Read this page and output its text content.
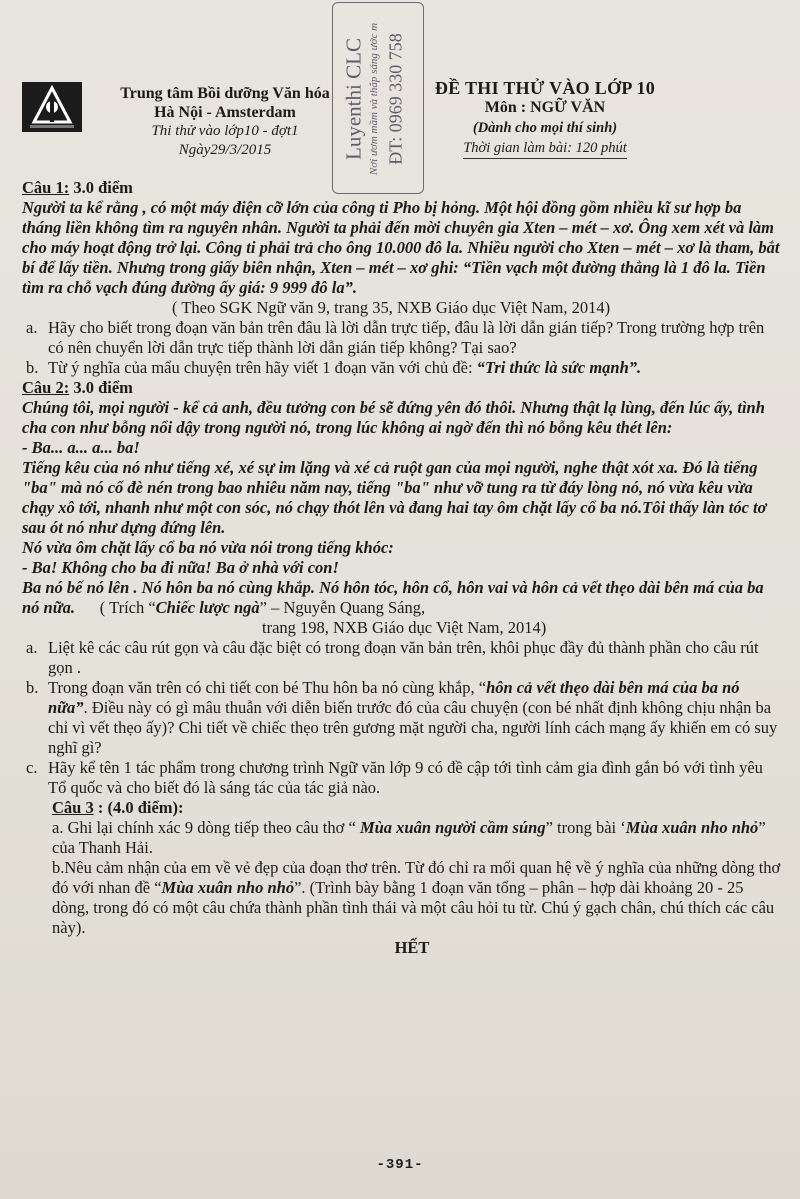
Trung tâm Bồi dưỡng Văn hóa
Hà Nội - Amsterdam
Thi thử vào lớp10 - đợt1
Ngày29/3/2015	Luyenthi CLC Nơi ươm mầm và thắp sáng ước m ĐT: 0969 330 758 ĐỀ THI THỬ VÀO LỚP 10
Môn : NGỮ VĂN
(Dành cho mọi thí sinh)
Thời gian làm bài: 120 phút

Câu 1: 3.0 điểm

Người ta kể rằng , có một máy điện cỡ lớn của công ti Pho bị hỏng. Một hội đồng gồm nhiều kĩ sư hợp ba tháng liền không tìm ra nguyên nhân. Người ta phải đến mời chuyên gia Xten – mét – xơ. Ông xem xét và làm cho máy hoạt động trở lại. Công ti phải trả cho ông 10.000 đô la. Nhiều người cho Xten – mét – xơ là tham, bắt bí để lấy tiền. Nhưng trong giấy biên nhận, Xten – mét – xơ ghi: “Tiền vạch một đường thẳng là 1 đô la. Tiền tìm ra chỗ vạch đúng đường ấy giá: 9 999 đô la”.

( Theo SGK Ngữ văn 9, trang 35, NXB Giáo dục Việt Nam, 2014)

a. Hãy cho biết trong đoạn văn bản trên đâu là lời dẫn trực tiếp, đâu là lời dẫn gián tiếp? Trong trường hợp trên có nên chuyển lời dẫn trực tiếp thành lời dẫn gián tiếp không? Tại sao?

b. Từ ý nghĩa của mẩu chuyện trên hãy viết 1 đoạn văn với chủ đề: “Tri thức là sức mạnh”.

Câu 2: 3.0 điểm

Chúng tôi, mọi người - kể cả anh, đều tưởng con bé sẽ đứng yên đó thôi. Nhưng thật lạ lùng, đến lúc ấy, tình cha con như bỗng nổi dậy trong người nó, trong lúc không ai ngờ đến thì nó bỗng kêu thét lên:

- Ba... a... a... ba!

Tiếng kêu của nó như tiếng xé, xé sự im lặng và xé cả ruột gan của mọi người, nghe thật xót xa. Đó là tiếng "ba" mà nó cố đè nén trong bao nhiêu năm nay, tiếng "ba" như vỡ tung ra từ đáy lòng nó, nó vừa kêu vừa chạy xô tới, nhanh như một con sóc, nó chạy thót lên và đang hai tay ôm chặt lấy cổ ba nó.Tôi thấy làn tóc tơ sau ót nó như dựng đứng lên.

Nó vừa ôm chặt lấy cổ ba nó vừa nói trong tiếng khóc:

- Ba! Không cho ba đi nữa! Ba ở nhà với con!

Ba nó bế nó lên . Nó hôn ba nó cùng khắp. Nó hôn tóc, hôn cổ, hôn vai và hôn cả vết thẹo dài bên má của ba nó nữa. ( Trích “Chiếc lược ngà” – Nguyễn Quang Sáng,

trang 198, NXB Giáo dục Việt Nam, 2014)

a. Liệt kê các câu rút gọn và câu đặc biệt có trong đoạn văn bản trên, khôi phục đầy đủ thành phần cho câu rút gọn .

b. Trong đoạn văn trên có chi tiết con bé Thu hôn ba nó cùng khắp, “hôn cả vết thẹo dài bên má của ba nó nữa”. Điều này có gì mâu thuẫn với diễn biến trước đó của câu chuyện (con bé nhất định không chịu nhận ba chỉ vì vết thẹo ấy)? Chi tiết về chiếc thẹo trên gương mặt người cha, người lính cách mạng ấy khiến em có suy nghĩ gì?

c. Hãy kể tên 1 tác phẩm trong chương trình Ngữ văn lớp 9 có đề cập tới tình cảm gia đình gắn bó với tình yêu Tổ quốc và cho biết đó là sáng tác của tác giả nào.

Câu 3 : (4.0 điểm):

a. Ghi lại chính xác 9 dòng tiếp theo câu thơ “ Mùa xuân người cầm súng” trong bài ‘Mùa xuân nho nhỏ” của Thanh Hải.

b.Nêu cảm nhận của em về vẻ đẹp của đoạn thơ trên. Từ đó chỉ ra mối quan hệ về ý nghĩa của những dòng thơ đó với nhan đề “Mùa xuân nho nhỏ”. (Trình bày bằng 1 đoạn văn tổng – phân – hợp dài khoảng 20 - 25 dòng, trong đó có một câu chứa thành phần tình thái và một câu hỏi tu từ. Chú ý gạch chân, chú thích các câu này).

HẾT

-391-
